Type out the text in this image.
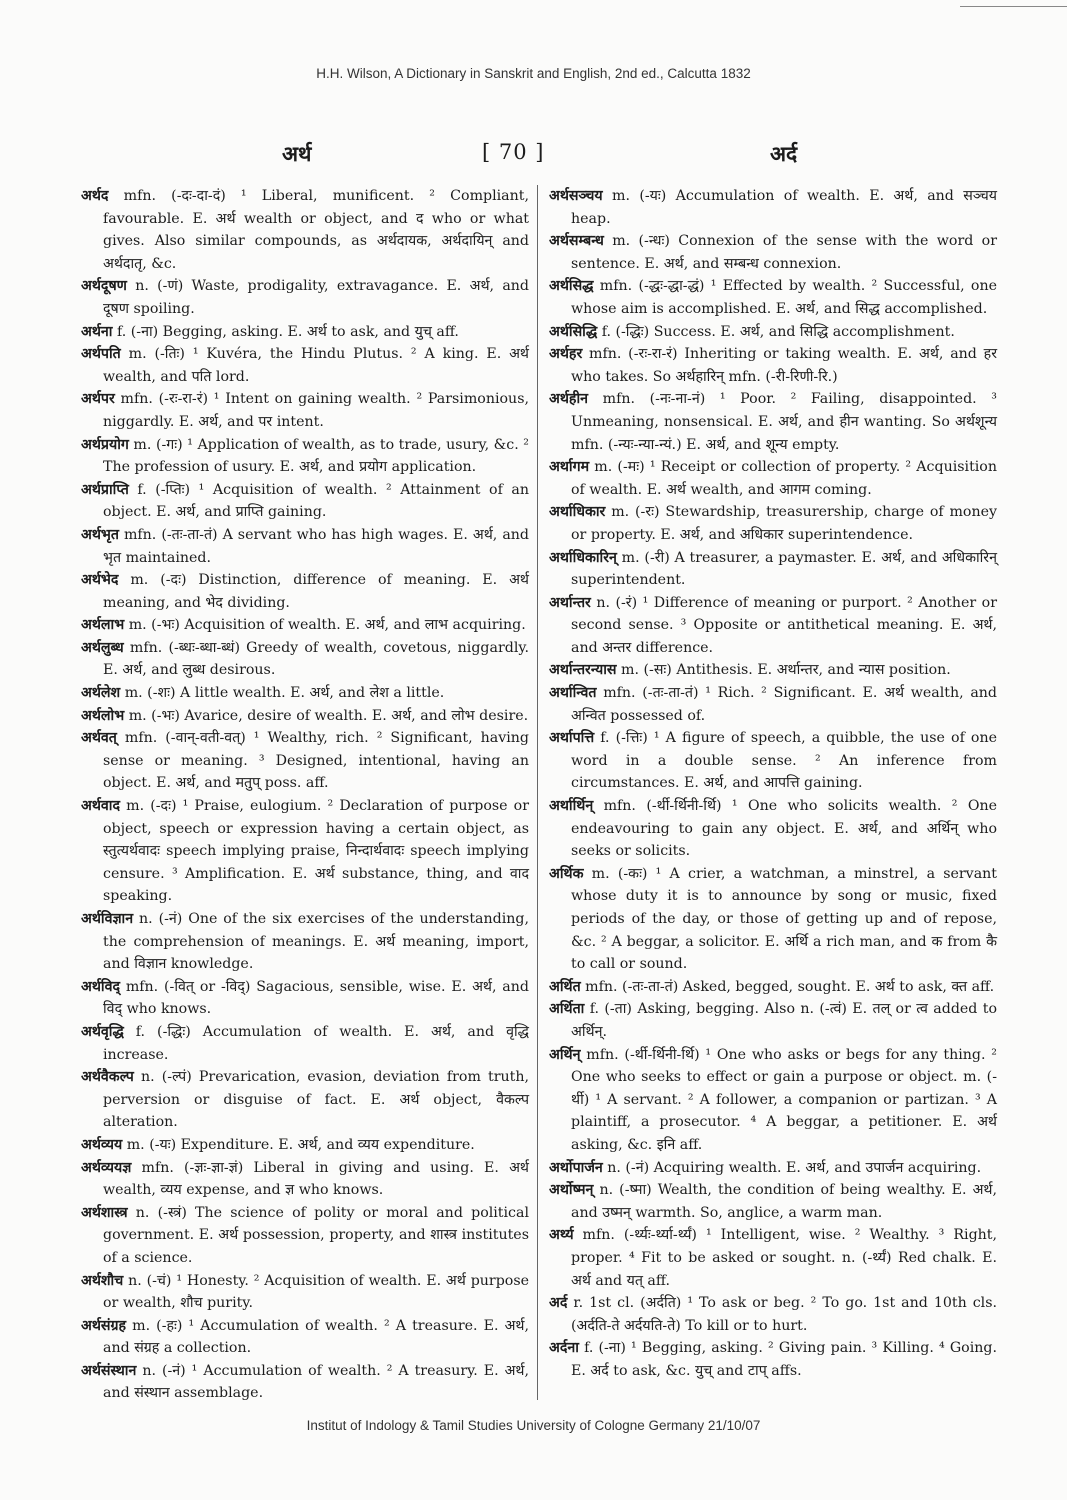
H.H. Wilson, A Dictionary in Sanskrit and English, 2nd ed., Calcutta 1832
अर्थ	[ 70 ]	अर्द

अर्थद mfn. (-दः-दा-दं) ¹ Liberal, munificent. ² Compliant, favourable. E. अर्थ wealth or object, and द who or what gives. Also similar compounds, as अर्थदायक, अर्थदायिन् and अर्थदातृ, &c.

अर्थदूषण n. (-णं) Waste, prodigality, extravagance. E. अर्थ, and दूषण spoiling.

अर्थना f. (-ना) Begging, asking. E. अर्थ to ask, and युच् aff.

अर्थपति m. (-तिः) ¹ Kuvéra, the Hindu Plutus. ² A king. E. अर्थ wealth, and पति lord.

अर्थपर mfn. (-रः-रा-रं) ¹ Intent on gaining wealth. ² Parsimonious, niggardly. E. अर्थ, and पर intent.

अर्थप्रयोग m. (-गः) ¹ Application of wealth, as to trade, usury, &c. ² The profession of usury. E. अर्थ, and प्रयोग application.

अर्थप्राप्ति f. (-प्तिः) ¹ Acquisition of wealth. ² Attainment of an object. E. अर्थ, and प्राप्ति gaining.

अर्थभृत mfn. (-तः-ता-तं) A servant who has high wages. E. अर्थ, and भृत maintained.

अर्थभेद m. (-दः) Distinction, difference of meaning. E. अर्थ meaning, and भेद dividing.

अर्थलाभ m. (-भः) Acquisition of wealth. E. अर्थ, and लाभ acquiring.

अर्थलुब्ध mfn. (-ब्धः-ब्धा-ब्धं) Greedy of wealth, covetous, niggardly. E. अर्थ, and लुब्ध desirous.

अर्थलेश m. (-शः) A little wealth. E. अर्थ, and लेश a little.

अर्थलोभ m. (-भः) Avarice, desire of wealth. E. अर्थ, and लोभ desire.

अर्थवत् mfn. (-वान्-वती-वत्) ¹ Wealthy, rich. ² Significant, having sense or meaning. ³ Designed, intentional, having an object. E. अर्थ, and मतुप् poss. aff.

अर्थवाद m. (-दः) ¹ Praise, eulogium. ² Declaration of purpose or object, speech or expression having a certain object, as स्तुत्यर्थवादः speech implying praise, निन्दार्थवादः speech implying censure. ³ Amplification. E. अर्थ substance, thing, and वाद speaking.

अर्थविज्ञान n. (-नं) One of the six exercises of the understanding, the comprehension of meanings. E. अर्थ meaning, import, and विज्ञान knowledge.

अर्थविद् mfn. (-वित् or -विद्) Sagacious, sensible, wise. E. अर्थ, and विद् who knows.

अर्थवृद्धि f. (-द्धिः) Accumulation of wealth. E. अर्थ, and वृद्धि increase.

अर्थवैकल्प n. (-ल्पं) Prevarication, evasion, deviation from truth, perversion or disguise of fact. E. अर्थ object, वैकल्प alteration.

अर्थव्यय m. (-यः) Expenditure. E. अर्थ, and व्यय expenditure.

अर्थव्ययज्ञ mfn. (-ज्ञः-ज्ञा-ज्ञं) Liberal in giving and using. E. अर्थ wealth, व्यय expense, and ज्ञ who knows.

अर्थशास्त्र n. (-स्त्रं) The science of polity or moral and political government. E. अर्थ possession, property, and शास्त्र institutes of a science.

अर्थशौच n. (-चं) ¹ Honesty. ² Acquisition of wealth. E. अर्थ purpose or wealth, शौच purity.

अर्थसंग्रह m. (-हः) ¹ Accumulation of wealth. ² A treasure. E. अर्थ, and संग्रह a collection.

अर्थसंस्थान n. (-नं) ¹ Accumulation of wealth. ² A treasury. E. अर्थ, and संस्थान assemblage.

अर्थसञ्चय m. (-यः) Accumulation of wealth. E. अर्थ, and सञ्चय heap.

अर्थसम्बन्ध m. (-न्धः) Connexion of the sense with the word or sentence. E. अर्थ, and सम्बन्ध connexion.

अर्थसिद्ध mfn. (-द्धः-द्धा-द्धं) ¹ Effected by wealth. ² Successful, one whose aim is accomplished. E. अर्थ, and सिद्ध accomplished.

अर्थसिद्धि f. (-द्धिः) Success. E. अर्थ, and सिद्धि accomplishment.

अर्थहर mfn. (-रः-रा-रं) Inheriting or taking wealth. E. अर्थ, and हर who takes. So अर्थहारिन् mfn. (-री-रिणी-रि.)

अर्थहीन mfn. (-नः-ना-नं) ¹ Poor. ² Failing, disappointed. ³ Unmeaning, nonsensical. E. अर्थ, and हीन wanting. So अर्थशून्य mfn. (-न्यः-न्या-न्यं.) E. अर्थ, and शून्य empty.

अर्थागम m. (-मः) ¹ Receipt or collection of property. ² Acquisition of wealth. E. अर्थ wealth, and आगम coming.

अर्थाधिकार m. (-रः) Stewardship, treasurership, charge of money or property. E. अर्थ, and अधिकार superintendence.

अर्थाधिकारिन् m. (-री) A treasurer, a paymaster. E. अर्थ, and अधिकारिन् superintendent.

अर्थान्तर n. (-रं) ¹ Difference of meaning or purport. ² Another or second sense. ³ Opposite or antithetical meaning. E. अर्थ, and अन्तर difference.

अर्थान्तरन्यास m. (-सः) Antithesis. E. अर्थान्तर, and न्यास position.

अर्थान्वित mfn. (-तः-ता-तं) ¹ Rich. ² Significant. E. अर्थ wealth, and अन्वित possessed of.

अर्थापत्ति f. (-त्तिः) ¹ A figure of speech, a quibble, the use of one word in a double sense. ² An inference from circumstances. E. अर्थ, and आपत्ति gaining.

अर्थार्थिन् mfn. (-र्थी-र्थिनी-र्थि) ¹ One who solicits wealth. ² One endeavouring to gain any object. E. अर्थ, and अर्थिन् who seeks or solicits.

अर्थिक m. (-कः) ¹ A crier, a watchman, a minstrel, a servant whose duty it is to announce by song or music, fixed periods of the day, or those of getting up and of repose, &c. ² A beggar, a solicitor. E. अर्थि a rich man, and क from कै to call or sound.

अर्थित mfn. (-तः-ता-तं) Asked, begged, sought. E. अर्थ to ask, क्त aff.

अर्थिता f. (-ता) Asking, begging. Also n. (-त्वं) E. तल् or त्व added to अर्थिन्.

अर्थिन् mfn. (-र्थी-र्थिनी-र्थि) ¹ One who asks or begs for any thing. ² One who seeks to effect or gain a purpose or object. m. (-र्थी) ¹ A servant. ² A follower, a companion or partizan. ³ A plaintiff, a prosecutor. ⁴ A beggar, a petitioner. E. अर्थ asking, &c. इनि aff.

अर्थोपार्जन n. (-नं) Acquiring wealth. E. अर्थ, and उपार्जन acquiring.

अर्थोष्मन् n. (-ष्मा) Wealth, the condition of being wealthy. E. अर्थ, and उष्मन् warmth. So, anglice, a warm man.

अर्थ्य mfn. (-र्थ्यः-र्थ्या-र्थ्यं) ¹ Intelligent, wise. ² Wealthy. ³ Right, proper. ⁴ Fit to be asked or sought. n. (-र्थ्यं) Red chalk. E. अर्थ and यत् aff.

अर्द r. 1st cl. (अर्दति) ¹ To ask or beg. ² To go. 1st and 10th cls. (अर्दति-ते अर्दयति-ते) To kill or to hurt.

अर्दना f. (-ना) ¹ Begging, asking. ² Giving pain. ³ Killing. ⁴ Going. E. अर्द to ask, &c. युच् and टाप् affs.

Institut of Indology & Tamil Studies University of Cologne Germany 21/10/07
